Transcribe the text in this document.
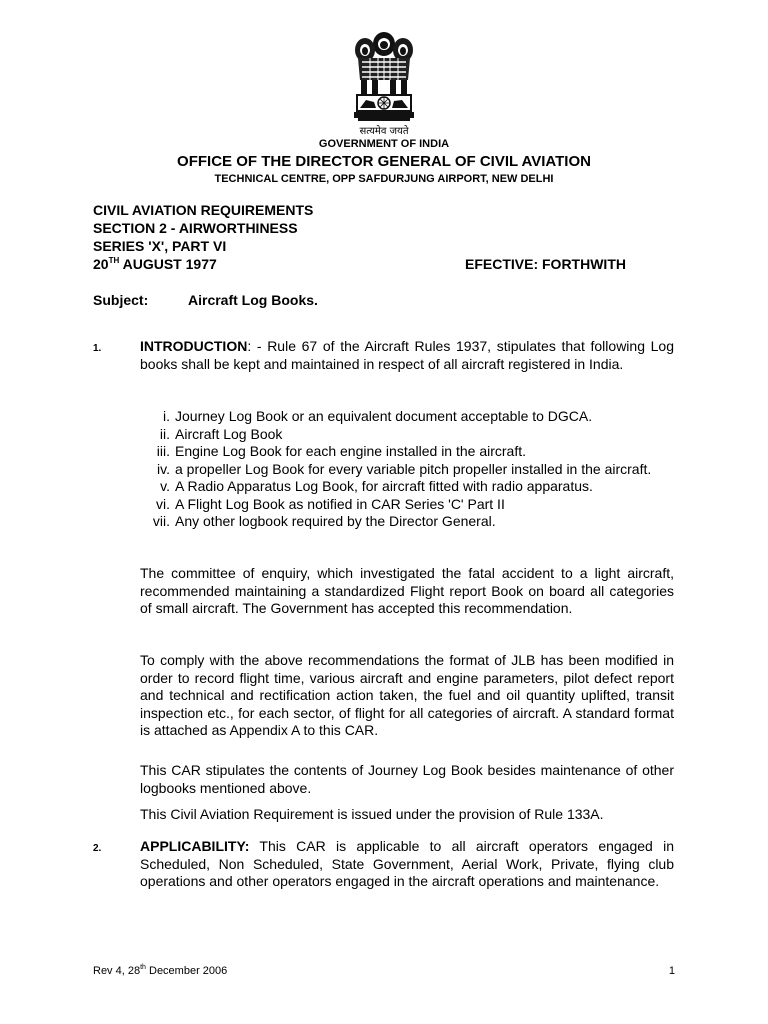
सत्यमेव जयते
GOVERNMENT OF INDIA
OFFICE OF THE DIRECTOR GENERAL OF CIVIL AVIATION
TECHNICAL CENTRE, OPP SAFDURJUNG AIRPORT, NEW DELHI
CIVIL AVIATION REQUIREMENTS
SECTION 2 - AIRWORTHINESS
SERIES 'X', PART VI
20TH AUGUST 1977	EFECTIVE: FORTHWITH
Subject:	Aircraft Log Books.
1.	INTRODUCTION: - Rule 67 of the Aircraft Rules 1937, stipulates that following Log books shall be kept and maintained in respect of all aircraft registered in India.

i. Journey Log Book or an equivalent document acceptable to DGCA.
ii. Aircraft Log Book
iii. Engine Log Book for each engine installed in the aircraft.
iv. a propeller Log Book for every variable pitch propeller installed in the aircraft.
v. A Radio Apparatus Log Book, for aircraft fitted with radio apparatus.
vi. A Flight Log Book as notified in CAR Series 'C' Part II
vii. Any other logbook required by the Director General.

The committee of enquiry, which investigated the fatal accident to a light aircraft, recommended maintaining a standardized Flight report Book on board all categories of small aircraft. The Government has accepted this recommendation.

To comply with the above recommendations the format of JLB has been modified in order to record flight time, various aircraft and engine parameters, pilot defect report and technical and rectification action taken, the fuel and oil quantity uplifted, transit inspection etc., for each sector, of flight for all categories of aircraft. A standard format is attached as Appendix A to this CAR.

This CAR stipulates the contents of Journey Log Book besides maintenance of other logbooks mentioned above.

This Civil Aviation Requirement is issued under the provision of Rule 133A.

2.	APPLICABILITY: This CAR is applicable to all aircraft operators engaged in Scheduled, Non Scheduled, State Government, Aerial Work, Private, flying club operations and other operators engaged in the aircraft operations and maintenance.

Rev 4, 28th December 2006	1
